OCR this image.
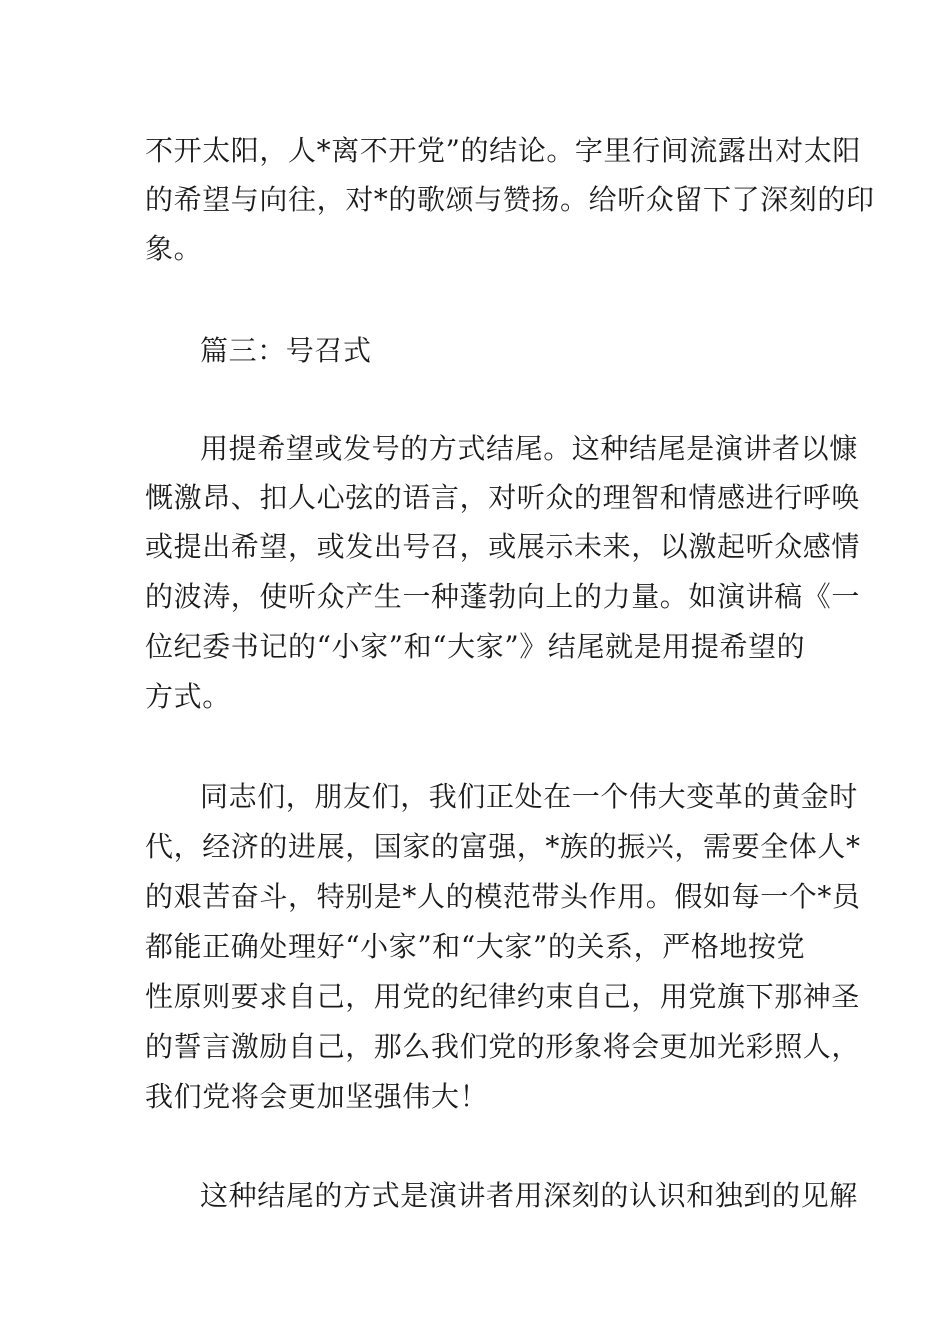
不开太阳，人*离不开党”的结论。字里行间流露出对太阳
的希望与向往，对*的歌颂与赞扬。给听众留下了深刻的印
象。
篇三：号召式
用提希望或发号的方式结尾。这种结尾是演讲者以慷
慨激昂、扣人心弦的语言，对听众的理智和情感进行呼唤
或提出希望，或发出号召，或展示未来，以激起听众感情
的波涛，使听众产生一种蓬勃向上的力量。如演讲稿《一
位纪委书记的“小家”和“大家”》结尾就是用提希望的
方式。
同志们，朋友们，我们正处在一个伟大变革的黄金时
代，经济的进展，国家的富强，*族的振兴，需要全体人*
的艰苦奋斗，特别是*人的模范带头作用。假如每一个*员
都能正确处理好“小家”和“大家”的关系，严格地按党
性原则要求自己，用党的纪律约束自己，用党旗下那神圣
的誓言激励自己，那么我们党的形象将会更加光彩照人，
我们党将会更加坚强伟大！
这种结尾的方式是演讲者用深刻的认识和独到的见解
